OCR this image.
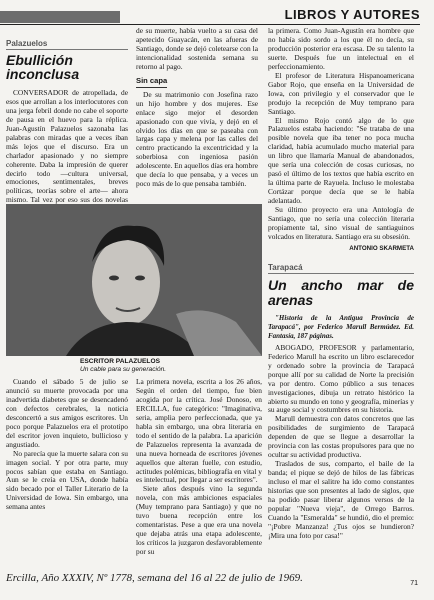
LIBROS Y AUTORES
Palazuelos
Ebullición inconclusa

CONVERSADOR de atropellada, de esos que arrollan a los interlocutores con una jerga febril donde no cabe el soporte de pausa en el huevo para la réplica. Juan-Agustín Palazuelos sazonaba las palabras con miradas que a veces iban más lejos que el discurso. Era un charlador apasionado y no siempre coherente. Daba la impresión de querer decirlo todo —cultura universal, emociones, sentimentales, breves políticas, teorías sobre el arte— ahora mismo. Tal vez por eso sus dos novelas

de su muerte, había vuelto a su casa del apetecido Guayacán, en las afueras de Santiago, donde se dejó coletearse con la intencionalidad sostenida semana su retorno al pago.

Sin capa

De su matrimonio con Josefina razo un hijo hombre y dos mujeres. Ese enlace sigo mejor el desorden apasionado con que vivía, y dejó en el olvido los días en que se paseaba con largas capa y melena por las calles del centro practicando la excentricidad y la soberbiosa con ingeniosa pasión adolescente. En aquellos días era hombre que decía lo que pensaba, y a veces un poco más de lo que pensaba también.

la primera. Como Juan-Agustín era hombre que no había sido sordo a los que él no decía, su producción posterior era escasa. De su talento la suerte. Después fue un intelectual en el perfeccionamiento.

El profesor de Literatura Hispanoamericana Gabor Rojo, que enseña en la Universidad de Iowa, con privilegio y el conservador que le produjo la recepción de Muy temprano para Santiago.

El mismo Rojo contó algo de lo que Palazuelos estaba haciendo: "Se trataba de una posible novela que iba tener no poca mucha claridad, había acumulado mucho material para un libro que llamaría Manual de abandonados, que sería una colección de cosas curiosas, no pasó el último de los textos que había escrito en la última parte de Rayuela. Incluso le molestaba Cortázar porque decía que se le había adelantado.

Su último proyecto era una Antología de Santiago, que no sería una colección literaria propiamente tal, sino visual de santiaguinos volcados en literatura. Santiago era su obsesión.

ANTONIO SKARMETA
ESCRITOR PALAZUELOS
Un cable para su generación.

Cuando el sábado 5 de julio se anunció su muerte provocada por una inadvertida diabetes que se desencadenó con defectos cerebrales, la noticia desconcertó a sus amigos escritores. Un poco porque Palazuelos era el prototipo del escritor joven inquieto, bullicioso y angustiado.

No parecía que la muerte salara con su imagen social. Y por otra parte, muy pocos sabían que estaba en Santiago. Aun se le creía en USA, donde había sido becado por el Taller Literario de la Universidad de Iowa. Sin embargo, una semana antes

La primera novela, escrita a los 26 años, Según el orden del tiempo, fue bien acogida por la crítica. José Donoso, en ERCILLA, fue categórico: "Imaginativa, seria, amplia pero perfeccionada, que ya habla sin embargo, una obra literaria en todo el sentido de la palabra. La aparición de Palazuelos representa la avanzada de una nueva horneada de escritores jóvenes aquellos que alteran fuelle, con estudio, actitudes polémicas, bibliografía en vital y es intelectual, por llegar a ser escritores".

Siete años después vino la segunda novela, con más ambiciones espaciales (Muy temprano para Santiago) y que no tuvo buena recepción entre los comentaristas. Pese a que era una novela que dejaba atrás una etapa adolescente, los críticos la juzgaron desfavorablemente por su

Tarapacá
Un ancho mar de arenas

"Historia de la Antigua Provincia de Tarapacá", por Federico Marull Bermúdez. Ed. Fantasía, 187 páginas.

ABOGADO, PROFESOR y parlamentario, Federico Marull ha escrito un libro esclarecedor y ordenado sobre la provincia de Tarapacá porque allí por su calidad de Norte la precisión va por dentro. Como público a sus tenaces investigaciones, dibuja un retrato histórico la abierto su mundo en tono y geografía, minerías y su auge social y costumbres en su historia.

Marull demuestra con datos concretos que las posibilidades de surgimiento de Tarapacá dependen de que se llegue a desarrollar la provincia con las costas propulsores para que no ocultar su actividad productiva.

Traslados de sus, comparto, el baile de la banda; el pique se dejó de hilos de las fábricas incluso el mar el salitre ha ido como constantes historias que son presentes al lado de siglos, que ha podido pasar liberar algunos versos de la popular "Nueva vieja", de Orrego Barros. Cuando la "Esmeralda" se hundió, dio el premio: "¡Pobre Manzanza! ¿Tus ojos se hundieron? ¡Mira una foto por casa!"

Ercilla, Año XXXIV, Nº 1778, semana del 16 al 22 de julio de 1969.	71
